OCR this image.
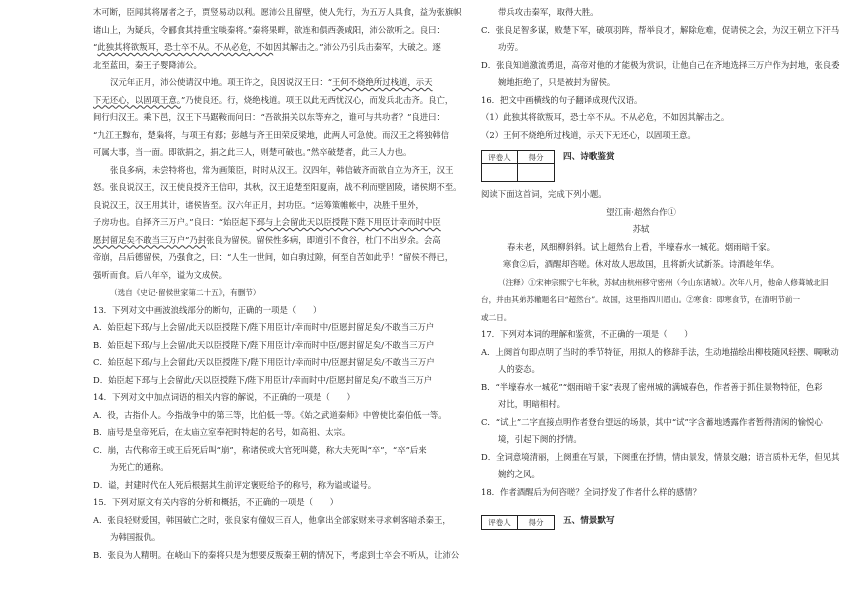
木可断，臣闻其将屠者之子，贾竖易动以利。愿沛公且留壁，使人先行，为五万人具食，益为张旗帜
诸山上，为疑兵，令郦食其持重宝啖秦将。”秦将果畔，欲连和俱西袭咸阳，沛公欲听之。良曰：
“此独其将欲叛耳，恐士卒不从。不从必危，不如因其解击之。”沛公乃引兵击秦军，大破之。逐
北至蓝田，秦王子婴降沛公。
汉元年正月，沛公使请汉中地。项王许之，良因说汉王曰：“王何不烧绝所过栈道，示天
下无还心，以固项王意。”乃使良还。行，烧绝栈道。项王以此无西忧汉心，而发兵北击齐。良亡，
间行归汉王。乘下邑，汉王下马踞鞍而问曰：“吾欲捐关以东等弃之，谁可与共功者？”良进曰：
“九江王黥布，楚枭将，与项王有郄；彭越与齐王田荣反梁地，此两人可急使。而汉王之将独韩信
可属大事，当一面。即欲捐之，捐之此三人，则楚可破也。”然卒破楚者，此三人力也。
张良多病，未尝特将也，常为画策臣，时时从汉王。汉四年，韩信破齐而欲自立为齐王，汉王
怒。张良说汉王，汉王使良授齐王信印，其秋，汉王追楚至阳夏南，战不利而壁固陵，诸侯期不至。
良说汉王，汉王用其计，诸侯皆至。汉六年正月，封功臣。“运筹策帷帐中，决胜千里外，
子房功也。自择齐三万户。”良曰：“始臣起下邳与上会留此天以臣授陛下陛下用臣计幸而时中臣
愿封留足矣不敢当三万户”乃封张良为留侯。留侯性多病，即道引不食谷，杜门不出岁余。会高
帝崩，吕后德留侯，乃强食之，曰：“人生一世间，如白驹过隙，何至自苦如此乎！”留侯不得已，
强听而食。后八年卒，谥为文成侯。
（选自《史记·留侯世家第二十五》，有删节）
13．下列对文中画波浪线部分的断句，正确的一项是（　　）
A．始臣起下邳/与上会留/此天以臣授陛下/陛下用臣计/幸而时中/臣愿封留足矣/不敢当三万户
B．始臣起下邳/与上会留/此天以臣授陛下/陛下用臣计/幸而时中臣/愿封留足矣/不敢当三万户
C．始臣起下邳/与上会留此/天以臣授陛下/陛下用臣计/幸而时中/臣愿封留足矣/不敢当三万户
D．始臣起下邳与上会留此/天以臣授陛下/陛下用臣计/幸而时中/臣愿封留足矣/不敢当三万户
14．下列对文中加点词语的相关内容的解说，不正确的一项是（　　）
A．役，古指仆人。今指战争中的第三等，比伯低一等。《始之武道秦师》中曾使比秦伯低一等。
B．庙号是皇帝死后，在太庙立室奉祀时特起的名号，如高祖、太宗。
C．崩，古代称帝王或王后死后叫“崩”，称诸侯或大官死叫薨，称大夫死叫“卒”，“卒”后来
为死亡的通称。
D．谥，封建时代在人死后根据其生前评定褒贬给予的称号，称为谥或谥号。
15．下列对原文有关内容的分析和概括，不正确的一项是（　　）
A．张良轻财爱国，韩国破亡之时，张良家有僮奴三百人，他拿出全部家财来寻求刺客暗杀秦王，
为韩国报仇。
B．张良为人精明。在峣山下的秦将只是为想要反叛秦王朝的情况下，考虑到士卒会不听从，让沛公
带兵攻击秦军，取得大胜。
C．张良足智多谋，败楚下军，破项羽阵，帮举良才，解除危难，促请侯之会，为汉王朝立下汗马
功劳。
D．张良知道激流勇退，高帝对他的才能极为赏识，让他自己在齐地选择三万户作为封地，张良委
婉地拒绝了，只是被封为留侯。
16．把文中画横线的句子翻译成现代汉语。
（1）此独其将欲叛耳，恐士卒不从。不从必危，不如因其解击之。
（2）王何不烧绝所过栈道，示天下无还心，以固项王意。
评卷人	得分	四、诗歌鉴赏
阅读下面这首词，完成下列小题。
望江南·超然台作①
苏轼
春未老，风细柳斜斜。试上超然台上看，半壕春水一城花。烟雨暗千家。
寒食②后，酒醒却咨嗟。休对故人思故国，且将新火试新茶。诗酒趁年华。
（注释）①宋神宗熙宁七年秋，苏轼由杭州移守密州（今山东诸城）。次年八月，他命人修葺城北旧
台，并由其弟苏辙题名曰“超然台”。故国，这里指四川眉山。②寒食：即寒食节，在清明节前一
或二日。
17．下列对本词的理解和鉴赏，不正确的一项是（　　）
A．上阕首句即点明了当时的季节特征，用拟人的修辞手法，生动地描绘出柳枝随风轻摆、啁啾动
人的姿态。
B．“半壕春水一城花”“烟雨暗千家”表现了密州城的满城春色，作者善于抓住景物特征，色彩
对比，明暗相村。
C．“试上”二字直接点明作者登台望远的场景，其中“试”字含蓄地透露作者暂得清闲的愉悦心
境，引起下阕的抒情。
D．全词意境清丽，上阕重在写景，下阕重在抒情，情由景发，情景交融；语言质朴无华，但见其
婉约之风。
18．作者酒醒后为何咨嗟？全词抒发了作者什么样的感情？
评卷人	得分	五、情景默写
